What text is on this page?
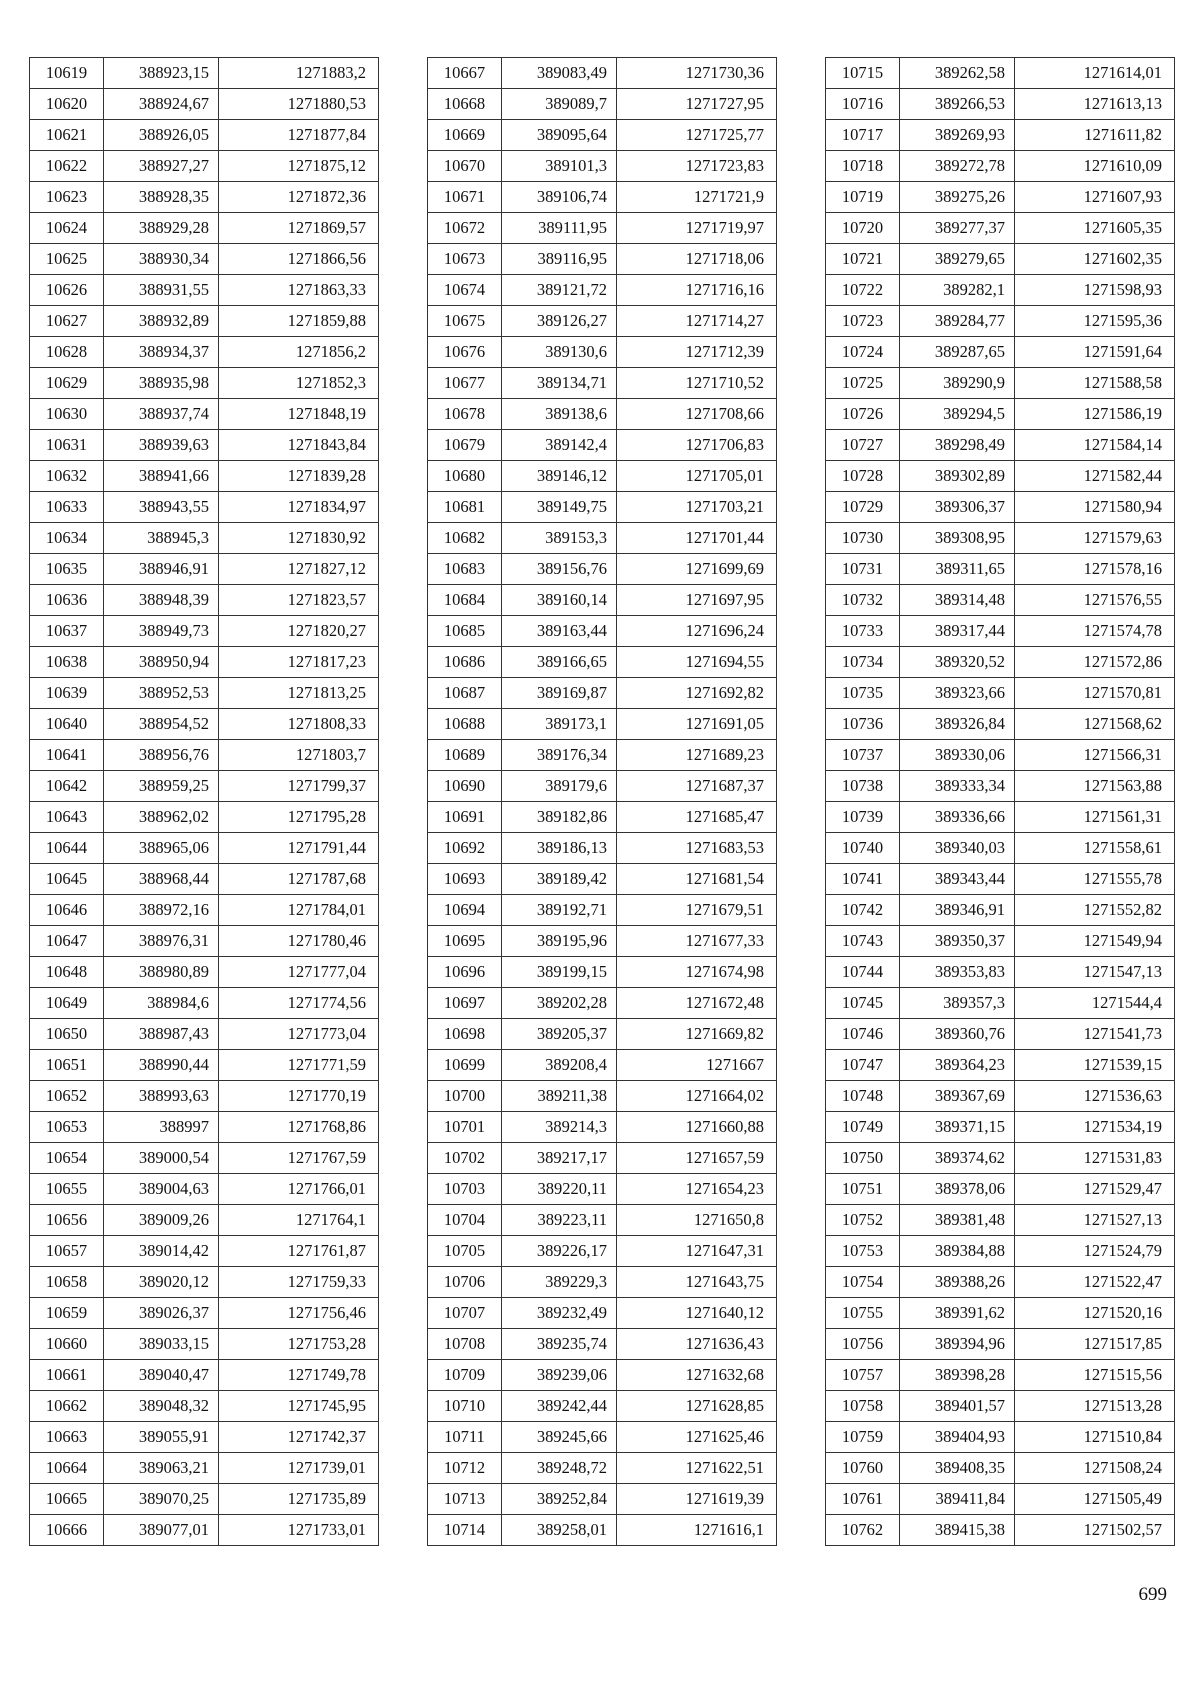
10619	388923,15	1271883,2
10620	388924,67	1271880,53
10621	388926,05	1271877,84
10622	388927,27	1271875,12
10623	388928,35	1271872,36
10624	388929,28	1271869,57
10625	388930,34	1271866,56
10626	388931,55	1271863,33
10627	388932,89	1271859,88
10628	388934,37	1271856,2
10629	388935,98	1271852,3
10630	388937,74	1271848,19
10631	388939,63	1271843,84
10632	388941,66	1271839,28
10633	388943,55	1271834,97
10634	388945,3	1271830,92
10635	388946,91	1271827,12
10636	388948,39	1271823,57
10637	388949,73	1271820,27
10638	388950,94	1271817,23
10639	388952,53	1271813,25
10640	388954,52	1271808,33
10641	388956,76	1271803,7
10642	388959,25	1271799,37
10643	388962,02	1271795,28
10644	388965,06	1271791,44
10645	388968,44	1271787,68
10646	388972,16	1271784,01
10647	388976,31	1271780,46
10648	388980,89	1271777,04
10649	388984,6	1271774,56
10650	388987,43	1271773,04
10651	388990,44	1271771,59
10652	388993,63	1271770,19
10653	388997	1271768,86
10654	389000,54	1271767,59
10655	389004,63	1271766,01
10656	389009,26	1271764,1
10657	389014,42	1271761,87
10658	389020,12	1271759,33
10659	389026,37	1271756,46
10660	389033,15	1271753,28
10661	389040,47	1271749,78
10662	389048,32	1271745,95
10663	389055,91	1271742,37
10664	389063,21	1271739,01
10665	389070,25	1271735,89
10666	389077,01	1271733,01
10667	389083,49	1271730,36
10668	389089,7	1271727,95
10669	389095,64	1271725,77
10670	389101,3	1271723,83
10671	389106,74	1271721,9
10672	389111,95	1271719,97
10673	389116,95	1271718,06
10674	389121,72	1271716,16
10675	389126,27	1271714,27
10676	389130,6	1271712,39
10677	389134,71	1271710,52
10678	389138,6	1271708,66
10679	389142,4	1271706,83
10680	389146,12	1271705,01
10681	389149,75	1271703,21
10682	389153,3	1271701,44
10683	389156,76	1271699,69
10684	389160,14	1271697,95
10685	389163,44	1271696,24
10686	389166,65	1271694,55
10687	389169,87	1271692,82
10688	389173,1	1271691,05
10689	389176,34	1271689,23
10690	389179,6	1271687,37
10691	389182,86	1271685,47
10692	389186,13	1271683,53
10693	389189,42	1271681,54
10694	389192,71	1271679,51
10695	389195,96	1271677,33
10696	389199,15	1271674,98
10697	389202,28	1271672,48
10698	389205,37	1271669,82
10699	389208,4	1271667
10700	389211,38	1271664,02
10701	389214,3	1271660,88
10702	389217,17	1271657,59
10703	389220,11	1271654,23
10704	389223,11	1271650,8
10705	389226,17	1271647,31
10706	389229,3	1271643,75
10707	389232,49	1271640,12
10708	389235,74	1271636,43
10709	389239,06	1271632,68
10710	389242,44	1271628,85
10711	389245,66	1271625,46
10712	389248,72	1271622,51
10713	389252,84	1271619,39
10714	389258,01	1271616,1
10715	389262,58	1271614,01
10716	389266,53	1271613,13
10717	389269,93	1271611,82
10718	389272,78	1271610,09
10719	389275,26	1271607,93
10720	389277,37	1271605,35
10721	389279,65	1271602,35
10722	389282,1	1271598,93
10723	389284,77	1271595,36
10724	389287,65	1271591,64
10725	389290,9	1271588,58
10726	389294,5	1271586,19
10727	389298,49	1271584,14
10728	389302,89	1271582,44
10729	389306,37	1271580,94
10730	389308,95	1271579,63
10731	389311,65	1271578,16
10732	389314,48	1271576,55
10733	389317,44	1271574,78
10734	389320,52	1271572,86
10735	389323,66	1271570,81
10736	389326,84	1271568,62
10737	389330,06	1271566,31
10738	389333,34	1271563,88
10739	389336,66	1271561,31
10740	389340,03	1271558,61
10741	389343,44	1271555,78
10742	389346,91	1271552,82
10743	389350,37	1271549,94
10744	389353,83	1271547,13
10745	389357,3	1271544,4
10746	389360,76	1271541,73
10747	389364,23	1271539,15
10748	389367,69	1271536,63
10749	389371,15	1271534,19
10750	389374,62	1271531,83
10751	389378,06	1271529,47
10752	389381,48	1271527,13
10753	389384,88	1271524,79
10754	389388,26	1271522,47
10755	389391,62	1271520,16
10756	389394,96	1271517,85
10757	389398,28	1271515,56
10758	389401,57	1271513,28
10759	389404,93	1271510,84
10760	389408,35	1271508,24
10761	389411,84	1271505,49
10762	389415,38	1271502,57
699
